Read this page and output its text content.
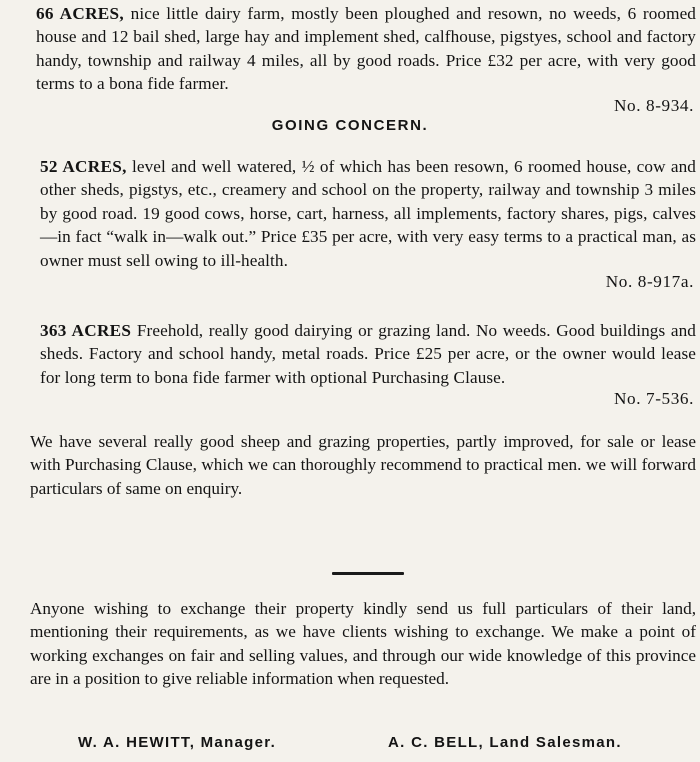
66 ACRES, nice little dairy farm, mostly been ploughed and resown, no weeds, 6 roomed house and 12 bail shed, large hay and implement shed, calfhouse, pigstyes, school and factory handy, township and railway 4 miles, all by good roads. Price £32 per acre, with very good terms to a bona fide farmer.
No. 8-934.
GOING CONCERN.
52 ACRES, level and well watered, ½ of which has been resown, 6 roomed house, cow and other sheds, pigstys, etc., creamery and school on the property, railway and township 3 miles by good road. 19 good cows, horse, cart, harness, all implements, factory shares, pigs, calves—in fact “walk in—walk out.” Price £35 per acre, with very easy terms to a practical man, as owner must sell owing to ill-health.
No. 8-917a.
363 ACRES Freehold, really good dairying or grazing land. No weeds. Good buildings and sheds. Factory and school handy, metal roads. Price £25 per acre, or the owner would lease for long term to bona fide farmer with optional Purchasing Clause.
No. 7-536.
We have several really good sheep and grazing properties, partly improved, for sale or lease with Purchasing Clause, which we can thoroughly recommend to practical men. we will forward particulars of same on enquiry.
Anyone wishing to exchange their property kindly send us full particulars of their land, mentioning their requirements, as we have clients wishing to exchange. We make a point of working exchanges on fair and selling values, and through our wide knowledge of this province are in a position to give reliable information when requested.
W. A. HEWITT, Manager.	A. C. BELL, Land Salesman.
